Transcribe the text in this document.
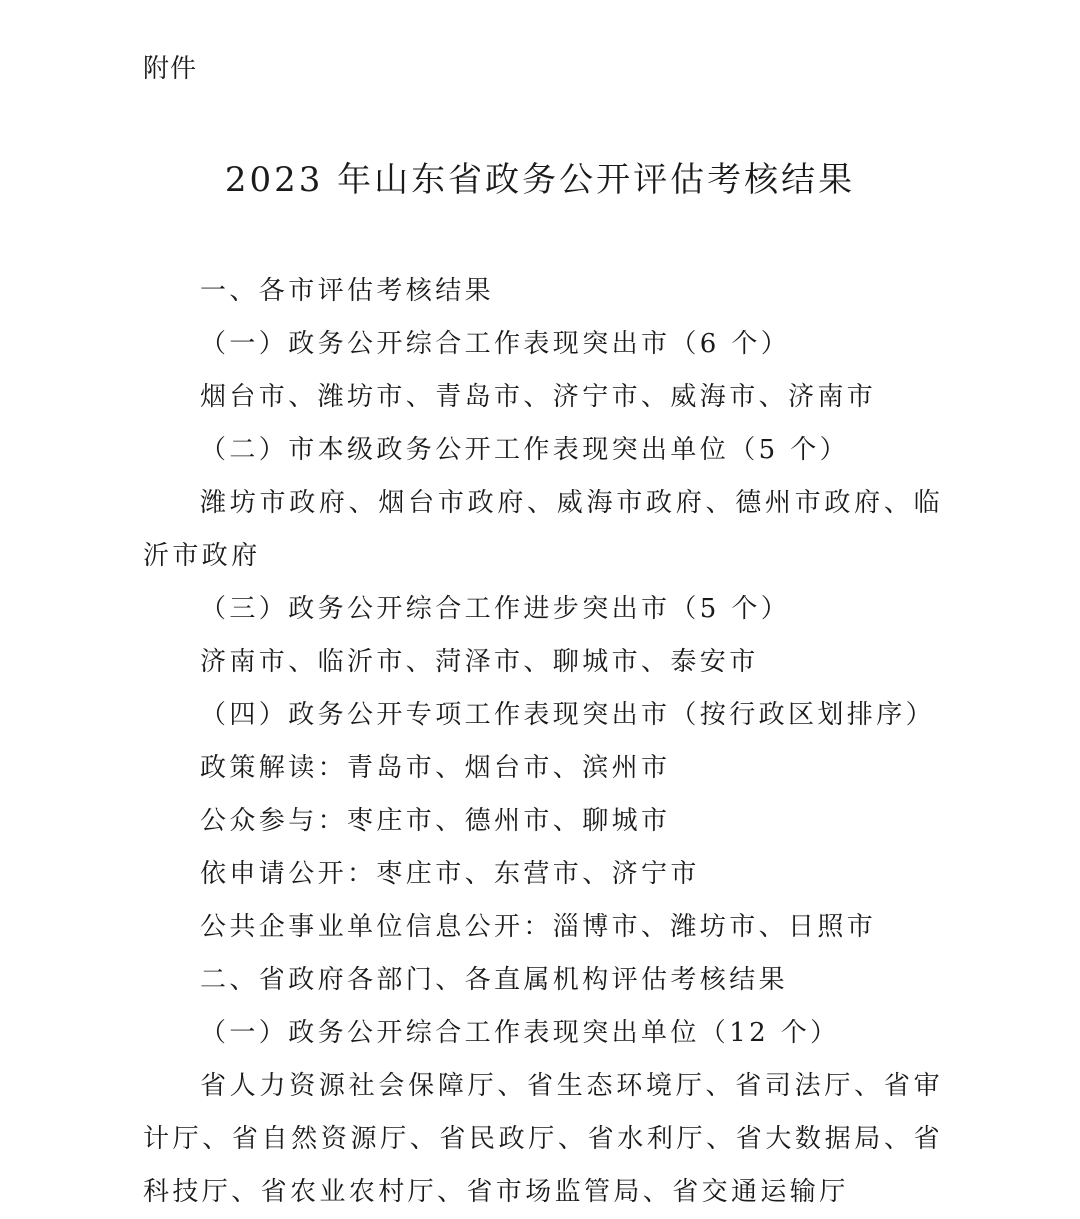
附件
2023 年山东省政务公开评估考核结果

一、各市评估考核结果

（一）政务公开综合工作表现突出市（6 个）

烟台市、潍坊市、青岛市、济宁市、威海市、济南市

（二）市本级政务公开工作表现突出单位（5 个）

潍坊市政府、烟台市政府、威海市政府、德州市政府、临沂市政府

（三）政务公开综合工作进步突出市（5 个）

济南市、临沂市、菏泽市、聊城市、泰安市

（四）政务公开专项工作表现突出市（按行政区划排序）

政策解读：青岛市、烟台市、滨州市

公众参与：枣庄市、德州市、聊城市

依申请公开：枣庄市、东营市、济宁市

公共企事业单位信息公开：淄博市、潍坊市、日照市

二、省政府各部门、各直属机构评估考核结果

（一）政务公开综合工作表现突出单位（12 个）

省人力资源社会保障厅、省生态环境厅、省司法厅、省审计厅、省自然资源厅、省民政厅、省水利厅、省大数据局、省科技厅、省农业农村厅、省市场监管局、省交通运输厅
